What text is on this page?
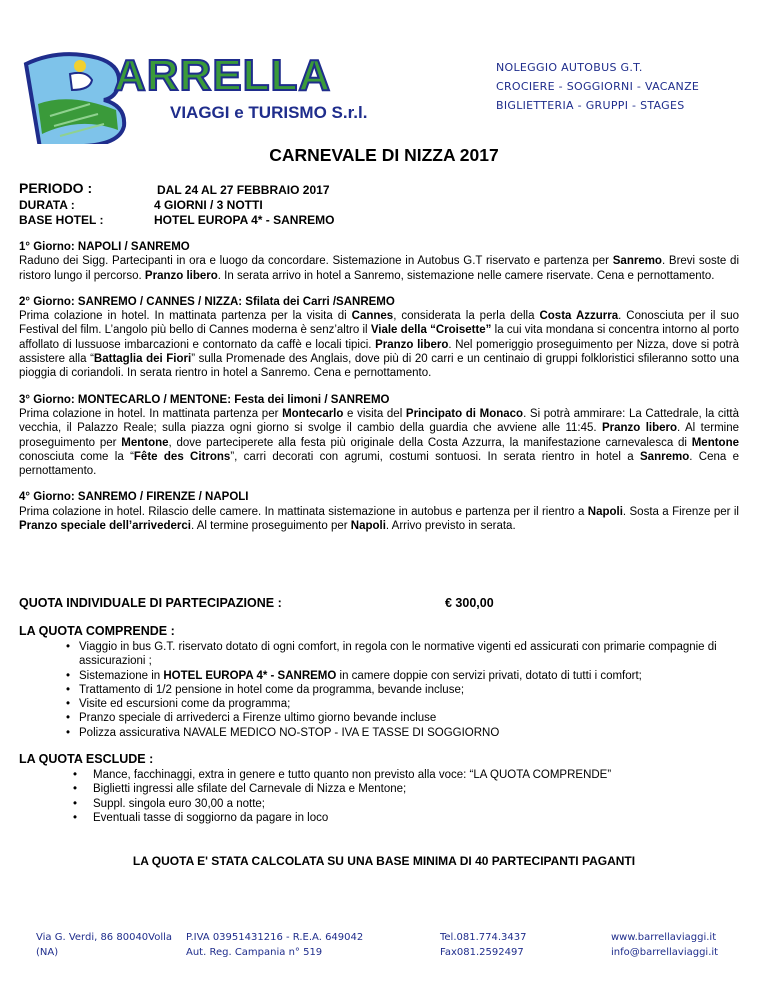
ARRELLA
VIAGGI e TURISMO S.r.l.
NOLEGGIO AUTOBUS G.T.
CROCIERE - SOGGIORNI - VACANZE
BIGLIETTERIA - GRUPPI - STAGES
CARNEVALE DI NIZZA 2017
PERIODO :	DAL 24 AL 27 FEBBRAIO 2017
DURATA :	4 GIORNI / 3 NOTTI
BASE HOTEL :	HOTEL EUROPA 4* - SANREMO
1° Giorno: NAPOLI / SANREMO

Raduno dei Sigg. Partecipanti in ora e luogo da concordare. Sistemazione in Autobus G.T riservato e partenza per Sanremo. Brevi soste di ristoro lungo il percorso. Pranzo libero. In serata arrivo in hotel a Sanremo, sistemazione nelle camere riservate. Cena e pernottamento.

2° Giorno: SANREMO / CANNES / NIZZA: Sfilata dei Carri /SANREMO

Prima colazione in hotel. In mattinata partenza per la visita di Cannes, considerata la perla della Costa Azzurra. Conosciuta per il suo Festival del film. L’angolo più bello di Cannes moderna è senz’altro il Viale della “Croisette” la cui vita mondana si concentra intorno al porto affollato di lussuose imbarcazioni e contornato da caffè e locali tipici. Pranzo libero. Nel pomeriggio proseguimento per Nizza, dove si potrà assistere alla “Battaglia dei Fiori” sulla Promenade des Anglais, dove più di 20 carri e un centinaio di gruppi folkloristici sfileranno sotto una pioggia di coriandoli. In serata rientro in hotel a Sanremo. Cena e pernottamento.

3° Giorno: MONTECARLO / MENTONE: Festa dei limoni / SANREMO

Prima colazione in hotel. In mattinata partenza per Montecarlo e visita del Principato di Monaco. Si potrà ammirare: La Cattedrale, la città vecchia, il Palazzo Reale; sulla piazza ogni giorno si svolge il cambio della guardia che avviene alle 11:45. Pranzo libero. Al termine proseguimento per Mentone, dove parteciperete alla festa più originale della Costa Azzurra, la manifestazione carnevalesca di Mentone conosciuta come la “Fête des Citrons”, carri decorati con agrumi, costumi sontuosi. In serata rientro in hotel a Sanremo. Cena e pernottamento.

4° Giorno: SANREMO / FIRENZE / NAPOLI

Prima colazione in hotel. Rilascio delle camere. In mattinata sistemazione in autobus e partenza per il rientro a Napoli. Sosta a Firenze per il Pranzo speciale dell’arrivederci. Al termine proseguimento per Napoli. Arrivo previsto in serata.

QUOTA INDIVIDUALE DI PARTECIPAZIONE :	€ 300,00
LA QUOTA COMPRENDE :
• Viaggio in bus G.T. riservato dotato di ogni comfort, in regola con le normative vigenti ed assicurati con primarie compagnie di assicurazioni ;
• Sistemazione in HOTEL EUROPA 4* - SANREMO in camere doppie con servizi privati, dotato di tutti i comfort;
• Trattamento di 1/2 pensione in hotel come da programma, bevande incluse;
• Visite ed escursioni come da programma;
• Pranzo speciale di arrivederci a Firenze ultimo giorno bevande incluse
• Polizza assicurativa NAVALE MEDICO NO-STOP - IVA E TASSE DI SOGGIORNO
LA QUOTA ESCLUDE :
• Mance, facchinaggi, extra in genere e tutto quanto non previsto alla voce: “LA QUOTA COMPRENDE”
• Biglietti ingressi alle sfilate del Carnevale di Nizza e Mentone;
• Suppl. singola euro 30,00 a notte;
• Eventuali tasse di soggiorno da pagare in loco
LA QUOTA E' STATA CALCOLATA SU UNA BASE MINIMA DI 40 PARTECIPANTI PAGANTI
Via G. Verdi, 86 80040Volla
(NA)
P.IVA 03951431216 - R.E.A. 649042
Aut. Reg. Campania n° 519
Tel.081.774.3437
Fax081.2592497
www.barrellaviaggi.it
info@barrellaviaggi.it
